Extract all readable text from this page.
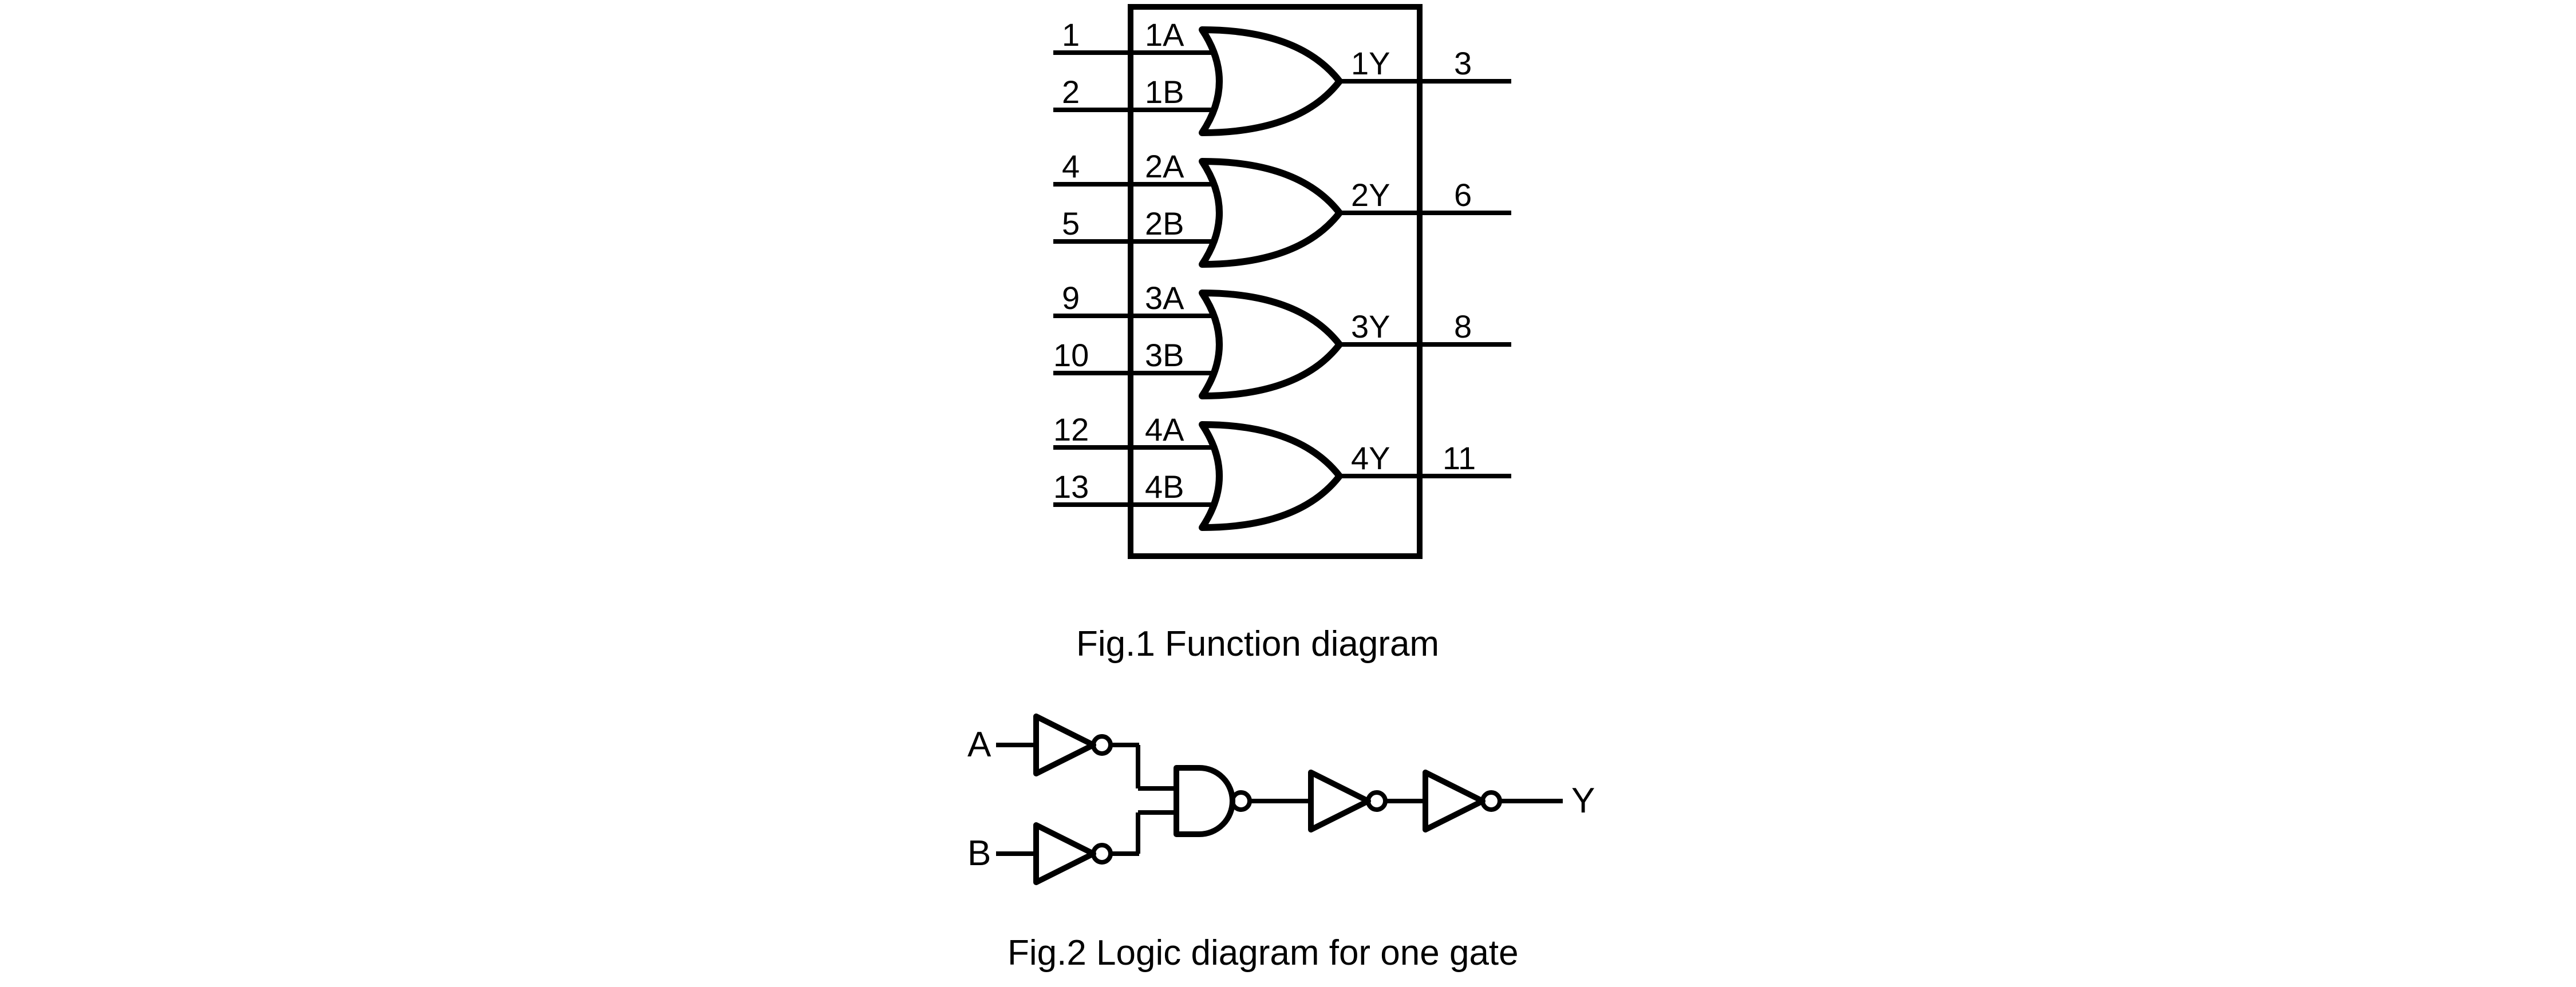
1 1A
2 1B
1Y 3
4 2A
5 2B
2Y 6
9 3A
10 3B
3Y 8
12 4A
13 4B
4Y 11
Fig.1 Function diagram
A
B
Y
Fig.2 Logic diagram for one gate
